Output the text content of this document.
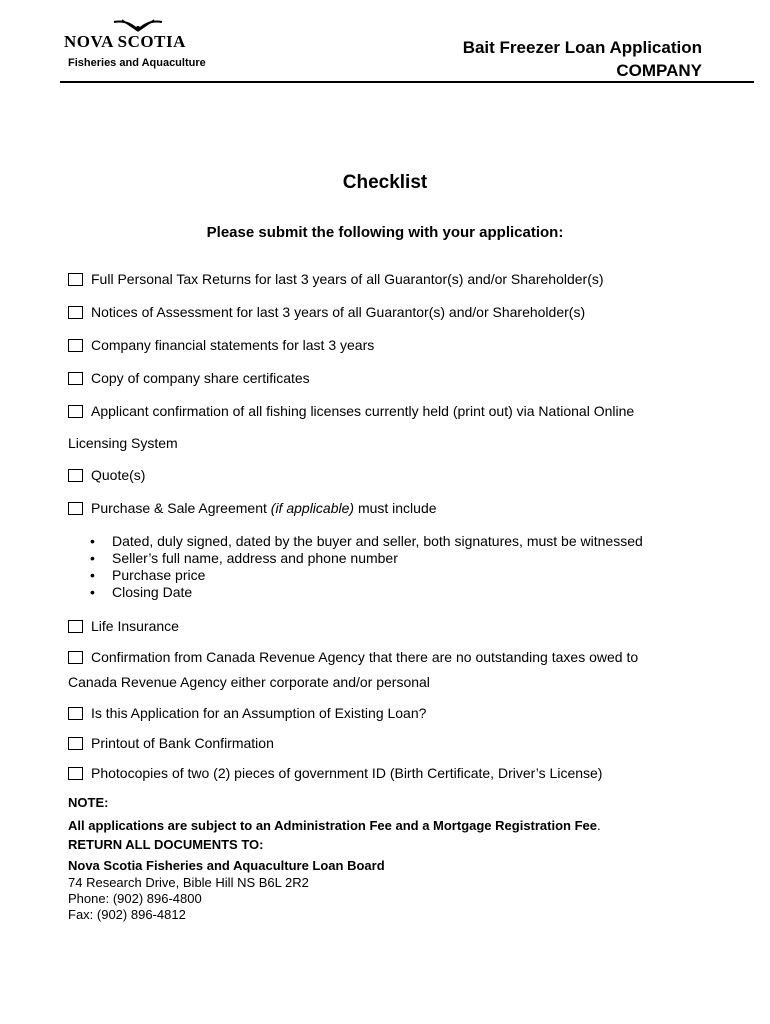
NOVA SCOTIA
Fisheries and Aquaculture
Bait Freezer Loan Application
COMPANY
Checklist
Please submit the following with your application:
Full Personal Tax Returns for last 3 years of all Guarantor(s) and/or Shareholder(s)
Notices of Assessment for last 3 years of all Guarantor(s) and/or Shareholder(s)
Company financial statements for last 3 years
Copy of company share certificates
Applicant confirmation of all fishing licenses currently held (print out) via National Online
Licensing System
Quote(s)
Purchase & Sale Agreement (if applicable) must include
• Dated, duly signed, dated by the buyer and seller, both signatures, must be witnessed
• Seller’s full name, address and phone number
• Purchase price
• Closing Date
Life Insurance
Confirmation from Canada Revenue Agency that there are no outstanding taxes owed to
Canada Revenue Agency either corporate and/or personal
Is this Application for an Assumption of Existing Loan?
Printout of Bank Confirmation
Photocopies of two (2) pieces of government ID (Birth Certificate, Driver’s License)
NOTE:
All applications are subject to an Administration Fee and a Mortgage Registration Fee.
RETURN ALL DOCUMENTS TO:
Nova Scotia Fisheries and Aquaculture Loan Board
74 Research Drive, Bible Hill NS B6L 2R2
Phone: (902) 896-4800
Fax: (902) 896-4812
